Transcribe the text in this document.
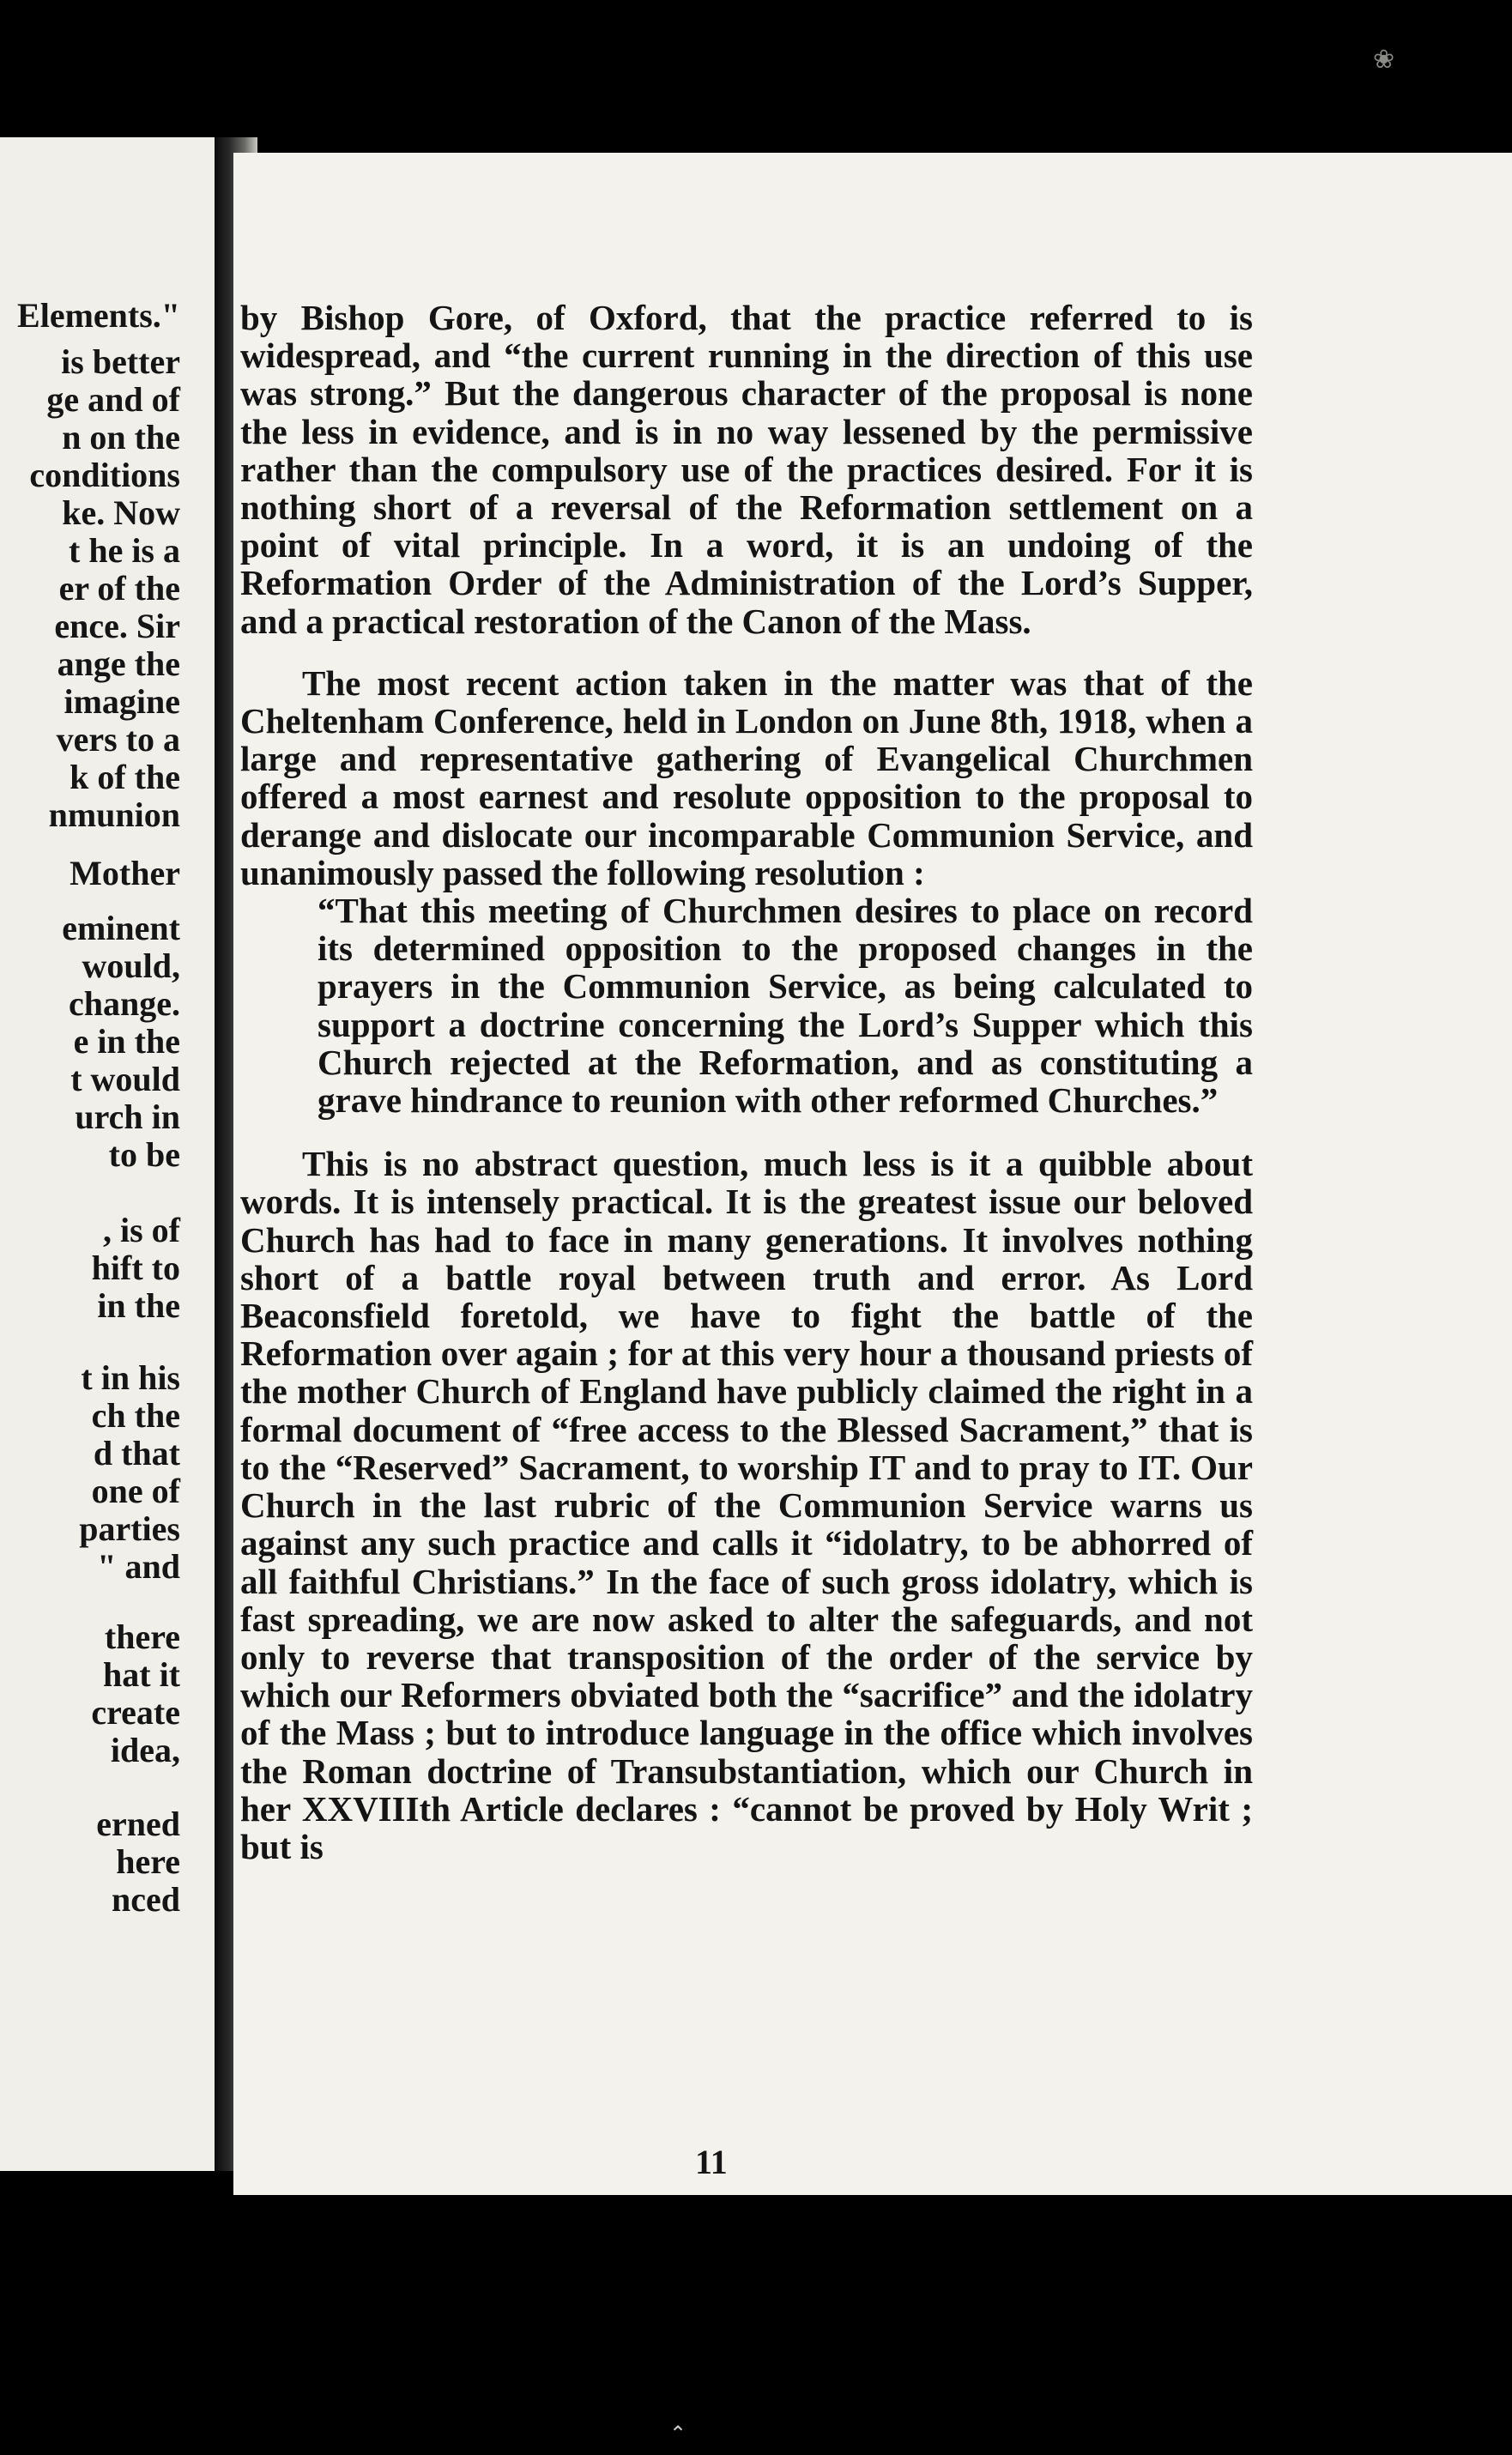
❀
Elements."
is better
ge and of
n on the
conditions
ke. Now
t he is a
er of the
ence. Sir
ange the
imagine
vers to a
k of the
nmunion
Mother
eminent
would,
change.
e in the
t would
urch in
to be
, is of
hift to
in the
t in his
ch the
d that
one of
parties
" and
there
hat it
create
idea,
erned
here
nced

by Bishop Gore, of Oxford, that the practice referred to is widespread, and “the current running in the direction of this use was strong.” But the dangerous character of the proposal is none the less in evidence, and is in no way lessened by the permissive rather than the compulsory use of the practices desired. For it is nothing short of a reversal of the Reformation settlement on a point of vital principle. In a word, it is an undoing of the Reformation Order of the Administration of the Lord’s Supper, and a practical restoration of the Canon of the Mass.

The most recent action taken in the matter was that of the Cheltenham Conference, held in London on June 8th, 1918, when a large and representative gathering of Evangelical Churchmen offered a most earnest and resolute opposition to the proposal to derange and dislocate our incomparable Communion Service, and unanimously passed the following resolution :

“That this meeting of Churchmen desires to place on record its determined opposition to the proposed changes in the prayers in the Communion Service, as being calculated to support a doctrine concerning the Lord’s Supper which this Church rejected at the Reformation, and as constituting a grave hindrance to reunion with other reformed Churches.”

This is no abstract question, much less is it a quibble about words. It is intensely practical. It is the greatest issue our beloved Church has had to face in many generations. It involves nothing short of a battle royal between truth and error. As Lord Beaconsfield foretold, we have to fight the battle of the Reformation over again ; for at this very hour a thousand priests of the mother Church of England have publicly claimed the right in a formal document of “free access to the Blessed Sacrament,” that is to the “Reserved” Sacrament, to worship IT and to pray to IT. Our Church in the last rubric of the Communion Service warns us against any such practice and calls it “idolatry, to be abhorred of all faithful Christians.” In the face of such gross idolatry, which is fast spreading, we are now asked to alter the safeguards, and not only to reverse that transposition of the order of the service by which our Reformers obviated both the “sacrifice” and the idolatry of the Mass ; but to introduce language in the office which involves the Roman doctrine of Transubstantiation, which our Church in her XXVIIIth Article declares : “cannot be proved by Holy Writ ; but is

11
⌃
